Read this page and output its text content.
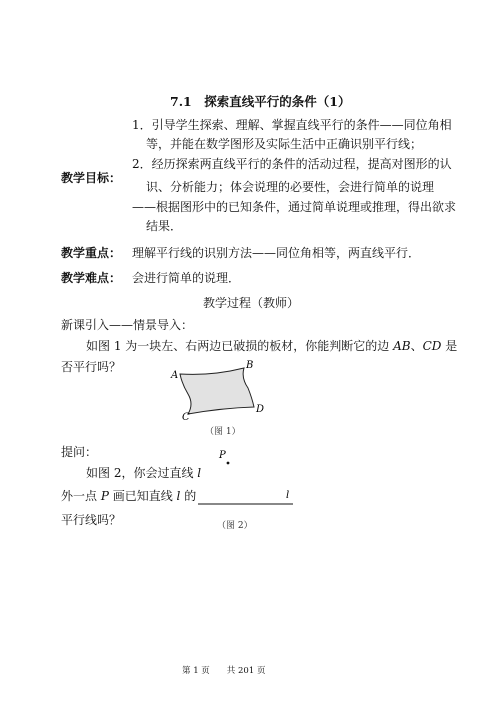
7.1　探索直线平行的条件（1）
教学目标：
1．引导学生探索、理解、掌握直线平行的条件——同位角相
等，并能在数学图形及实际生活中正确识别平行线；
2．经历探索两直线平行的条件的活动过程，提高对图形的认
识、分析能力；体会说理的必要性，会进行简单的说理
——根据图形中的已知条件，通过简单说理或推理，得出欲求
结果．
教学重点： 理解平行线的识别方法——同位角相等，两直线平行．
教学难点： 会进行简单的说理．
教学过程（教师）
新课引入——情景导入：
如图 1 为一块左、右两边已破损的板材，你能判断它的边 AB、CD 是
否平行吗？
A
B
C
D
（图 1）
提问：
如图 2，你会过直线 l
外一点 P 画已知直线 l 的
平行线吗？
P
l
（图 2）
第 1 页　　共 201 页
